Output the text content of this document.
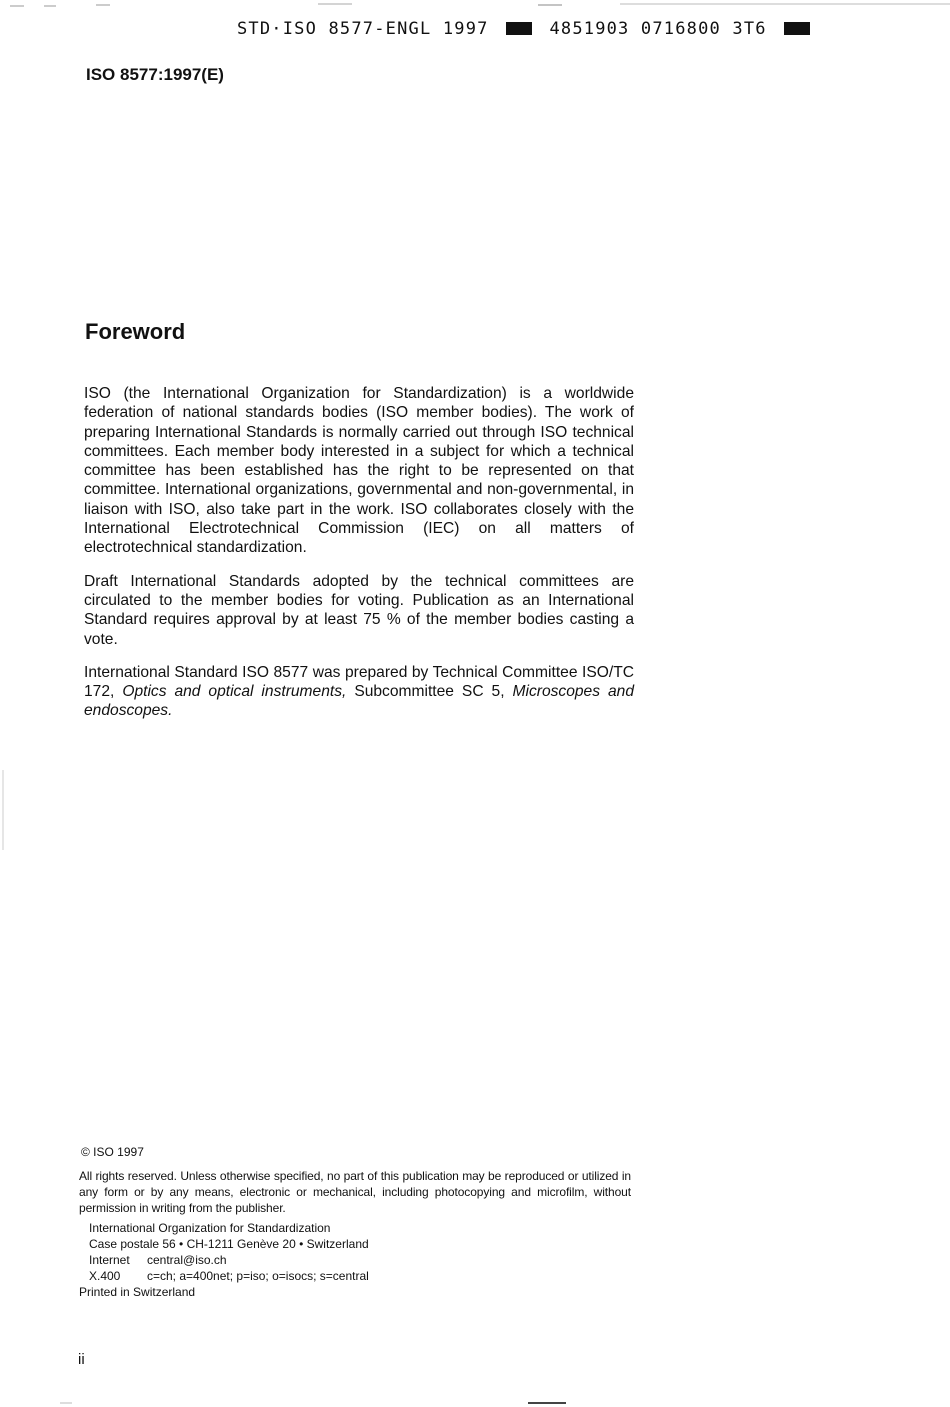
STD·ISO 8577-ENGL 1997	4851903 0716800 3T6
ISO 8577:1997(E)
Foreword

ISO (the International Organization for Standardization) is a worldwide federation of national standards bodies (ISO member bodies). The work of preparing International Standards is normally carried out through ISO technical committees. Each member body interested in a subject for which a technical committee has been established has the right to be represented on that committee. International organizations, governmental and non-governmental, in liaison with ISO, also take part in the work. ISO collaborates closely with the International Electrotechnical Commission (IEC) on all matters of electrotechnical standardization.

Draft International Standards adopted by the technical committees are circulated to the member bodies for voting. Publication as an International Standard requires approval by at least 75 % of the member bodies casting a vote.

International Standard ISO 8577 was prepared by Technical Committee ISO/TC 172, Optics and optical instruments, Subcommittee SC 5, Microscopes and endoscopes.

© ISO 1997
All rights reserved. Unless otherwise specified, no part of this publication may be reproduced or utilized in any form or by any means, electronic or mechanical, including photocopying and microfilm, without permission in writing from the publisher.
International Organization for Standardization
Case postale 56 • CH-1211 Genève 20 • Switzerland
Internet central@iso.ch
X.400 c=ch; a=400net; p=iso; o=isocs; s=central
Printed in Switzerland
ii
